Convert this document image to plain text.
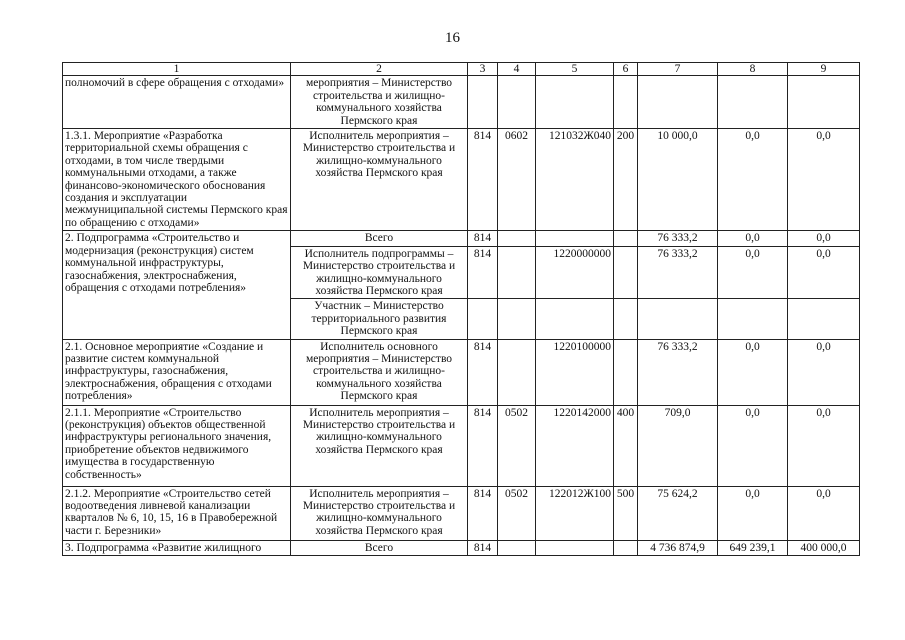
16
1	2	3	4	5	6	7	8	9
полномочий в сфере обращения с отходами»	мероприятия – Министерство строительства и жилищно-коммунального хозяйства Пермского края							
1.3.1. Мероприятие «Разработка территориальной схемы обращения с отходами, в том числе твердыми коммунальными отходами, а также финансово-экономического обоснования создания и эксплуатации межмуниципальной системы Пермского края по обращению с отходами»	Исполнитель мероприятия – Министерство строительства и жилищно-коммунального хозяйства Пермского края	814	0602	121032Ж040	200	10 000,0	0,0	0,0
2. Подпрограмма «Строительство и модернизация (реконструкция) систем коммунальной инфраструктуры, газоснабжения, электроснабжения, обращения с отходами потребления»	Всего	814				76 333,2	0,0	0,0
	Исполнитель подпрограммы – Министерство строительства и жилищно-коммунального хозяйства Пермского края	814		1220000000		76 333,2	0,0	0,0
	Участник – Министерство территориального развития Пермского края							
2.1. Основное мероприятие «Создание и развитие систем коммунальной инфраструктуры, газоснабжения, электроснабжения, обращения с отходами потребления»	Исполнитель основного мероприятия – Министерство строительства и жилищно-коммунального хозяйства Пермского края	814		1220100000		76 333,2	0,0	0,0
2.1.1. Мероприятие «Строительство (реконструкция) объектов общественной инфраструктуры регионального значения, приобретение объектов недвижимого имущества в государственную собственность»	Исполнитель мероприятия – Министерство строительства и жилищно-коммунального хозяйства Пермского края	814	0502	1220142000	400	709,0	0,0	0,0
2.1.2. Мероприятие «Строительство сетей водоотведения ливневой канализации кварталов № 6, 10, 15, 16 в Правобережной части г. Березники»	Исполнитель мероприятия – Министерство строительства и жилищно-коммунального хозяйства Пермского края	814	0502	122012Ж100	500	75 624,2	0,0	0,0
3. Подпрограмма «Развитие жилищного	Всего	814				4 736 874,9	649 239,1	400 000,0
